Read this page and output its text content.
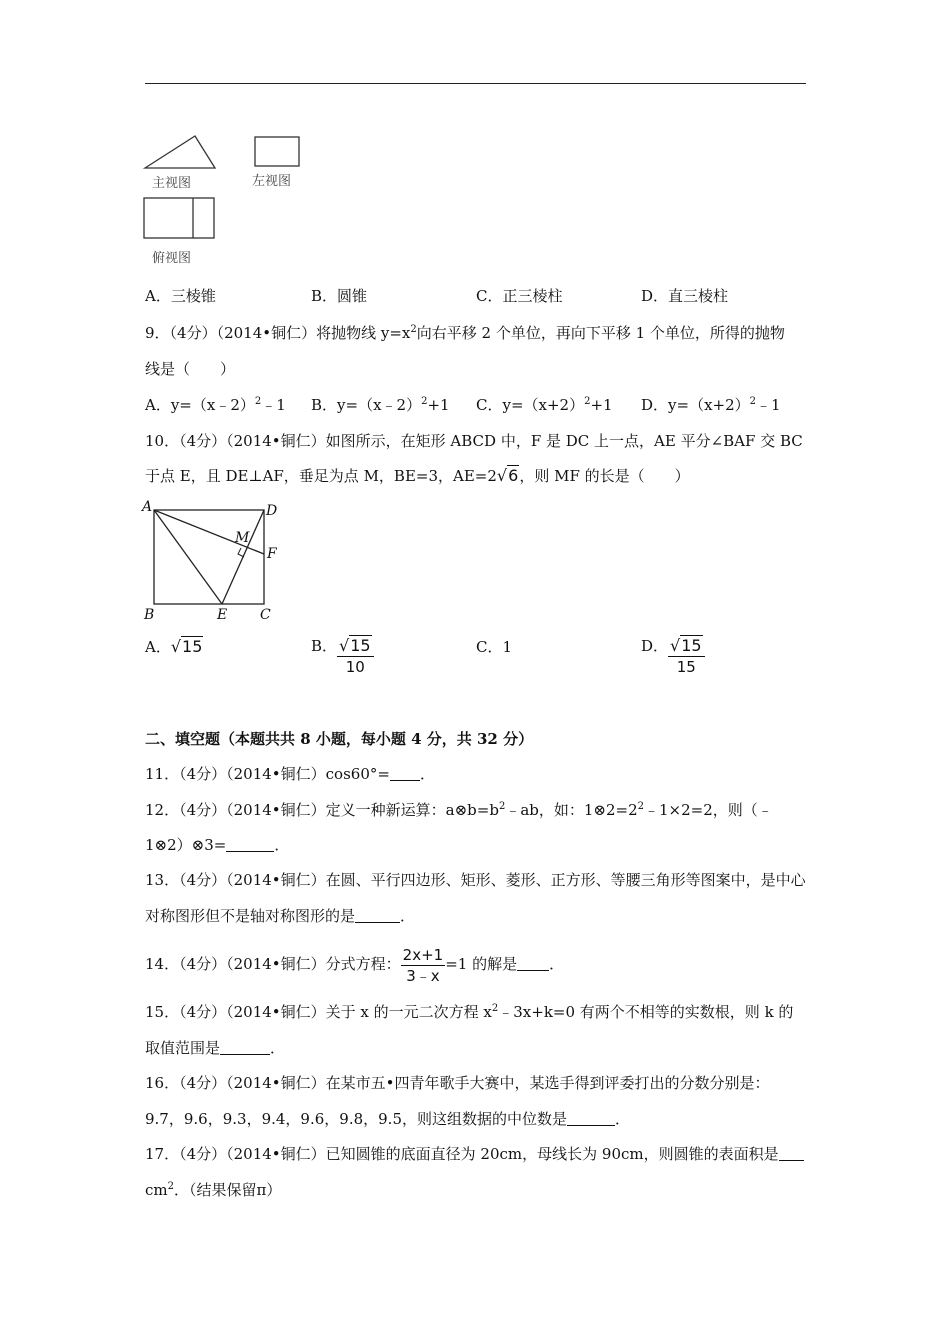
主视图	左视图
俯视图
A．三棱锥	B．圆锥	C．正三棱柱	D．直三棱柱
9．（4分）（2014•铜仁）将抛物线 $y=x^2$向右平移 2 个单位，再向下平移 1 个单位，所得的抛物
线是（　　）
A．y=（x﹣2）$^2$﹣1 B．y=（x﹣2）$^2$+1 C．$y=(x+2)^2+1$ D．$y=(x+2)^2﹣1$
10．（4分）（2014•铜仁）如图所示，在矩形 ABCD 中，F 是 DC 上一点，AE 平分∠BAF 交 BC
于点 E，且 DE⊥AF，垂足为点 M，BE=3，AE=2√6，则 MF 的长是（　　）
A	D
F
M
B	E C
A．√15	B． $\frac{√15}{10}$	C．1	D． $\frac{√15}{15}$
二、填空题（本题共共 8 小题，每小题 4 分，共 32 分）
11．（4分）（2014•铜仁）cos60°= ．
12．（4分）（2014•铜仁）定义一种新运算：$a\otimes b=b^2﹣ab$，如：$1\otimes 2=2^2﹣1\times 2=2$，则（﹣
1⊗2）⊗3=	．
13．（4分）（2014•铜仁）在圆、平行四边形、矩形、菱形、正方形、等腰三角形等图案中，是中心
对称图形但不是轴对称图形的是	．
14．（4分）（2014•铜仁）分式方程： $\frac{2x+1}{3﹣x} =1$ 的解是 ．
15．（4分）（2014•铜仁）关于 x 的一元二次方程 $x^2﹣3x+k=0$ 有两个不相等的实数根，则 k 的
取值范围是	．
16．（4分）（2014•铜仁）在某市五•四青年歌手大赛中，某选手得到评委打出的分数分别是：
9.7，9.6，9.3，9.4，9.6，9.8，9.5，则这组数据的中位数是	．
17．（4分）（2014•铜仁）已知圆锥的底面直径为 20cm，母线长为 90cm，则圆锥的表面积是
$cm^2$．（结果保留π）
